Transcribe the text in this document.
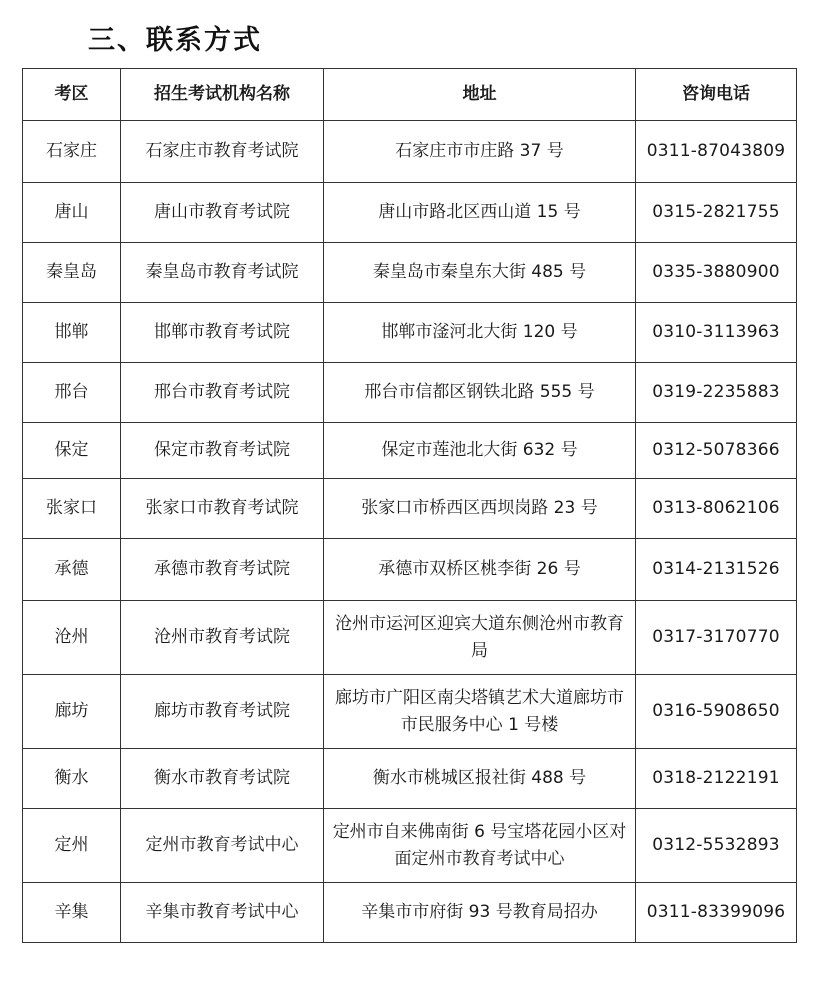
三、联系方式
考区	招生考试机构名称	地址	咨询电话
石家庄	石家庄市教育考试院	石家庄市市庄路 37 号	0311-87043809
唐山	唐山市教育考试院	唐山市路北区西山道 15 号	0315-2821755
秦皇岛	秦皇岛市教育考试院	秦皇岛市秦皇东大街 485 号	0335-3880900
邯郸	邯郸市教育考试院	邯郸市滏河北大街 120 号	0310-3113963
邢台	邢台市教育考试院	邢台市信都区钢铁北路 555 号	0319-2235883
保定	保定市教育考试院	保定市莲池北大街 632 号	0312-5078366
张家口	张家口市教育考试院	张家口市桥西区西坝岗路 23 号	0313-8062106
承德	承德市教育考试院	承德市双桥区桃李街 26 号	0314-2131526
沧州	沧州市教育考试院	沧州市运河区迎宾大道东侧沧州市教育局	0317-3170770
廊坊	廊坊市教育考试院	廊坊市广阳区南尖塔镇艺术大道廊坊市市民服务中心 1 号楼	0316-5908650
衡水	衡水市教育考试院	衡水市桃城区报社街 488 号	0318-2122191
定州	定州市教育考试中心	定州市自来佛南街 6 号宝塔花园小区对面定州市教育考试中心	0312-5532893
辛集	辛集市教育考试中心	辛集市市府街 93 号教育局招办	0311-83399096
